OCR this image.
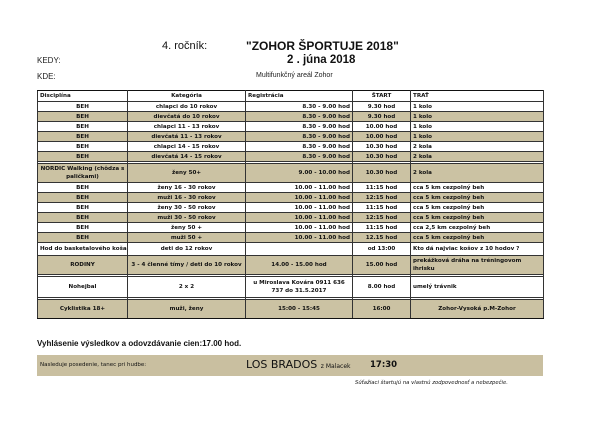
4. ročník:	"ZOHOR ŠPORTUJE 2018"
KEDY:	2 . júna 2018
KDE:	Multifunkčný areál Zohor
Disciplína	Kategória	Registrácia	ŠTART	TRAŤ
BEH	chlapci do 10 rokov	8.30 - 9.00 hod	9.30 hod	1 kolo
BEH	dievčatá do 10 rokov	8.30 - 9.00 hod	9.30 hod	1 kolo
BEH	chlapci 11 - 13 rokov	8.30 - 9.00 hod	10.00 hod	1 kolo
BEH	dievčatá 11 - 13 rokov	8.30 - 9.00 hod	10.00 hod	1 kolo
BEH	chlapci 14 - 15 rokov	8.30 - 9.00 hod	10.30 hod	2 kola
BEH	dievčatá 14 - 15 rokov	8.30 - 9.00 hod	10.30 hod	2 kola

NORDIC Walking (chôdza s paličkami)	ženy 50+	9.00 - 10.00 hod	10.30 hod	2 kola
BEH	ženy 16 - 30 rokov	10.00 - 11.00 hod	11:15 hod	cca 5 km cezpolný beh
BEH	muži 16 - 30 rokov	10.00 - 11.00 hod	12:15 hod	cca 5 km cezpolný beh
BEH	ženy 30 - 50 rokov	10.00 - 11.00 hod	11:15 hod	cca 5 km cezpolný beh
BEH	muži 30 - 50 rokov	10.00 - 11.00 hod	12:15 hod	cca 5 km cezpolný beh
BEH	ženy 50 +	10.00 - 11.00 hod	11:15 hod	cca 2,5 km cezpolný beh
BEH	muži 50 +	10.00 - 11.00 hod	12.15 hod	cca 5 km cezpolný beh
Hod do basketalového koša	deti do 12 rokov		od 13:00	Kto dá najviac košov z 10 hodov ?
RODINY	3 - 4 členné tímy / deti do 10 rokov	14.00 - 15.00 hod	15.00 hod	prekážková dráha na tréningovom ihrisku

Nohejbal	2 x 2	u Miroslava Kovára 0911 636 737 do 31.5.2017	8.00 hod	umelý trávnik

Cyklistika 18+	muži, ženy	15:00 - 15:45	16:00	Zohor-Vysoká p.M-Zohor
Vyhlásenie výsledkov a odovzdávanie cien:17.00 hod.
Nasleduje posedenie, tanec pri hudbe:	LOS BRADOS z Malacek 17:30
Súťažiaci štartujú na vlastnú zodpovednosť a nebezpečie.
